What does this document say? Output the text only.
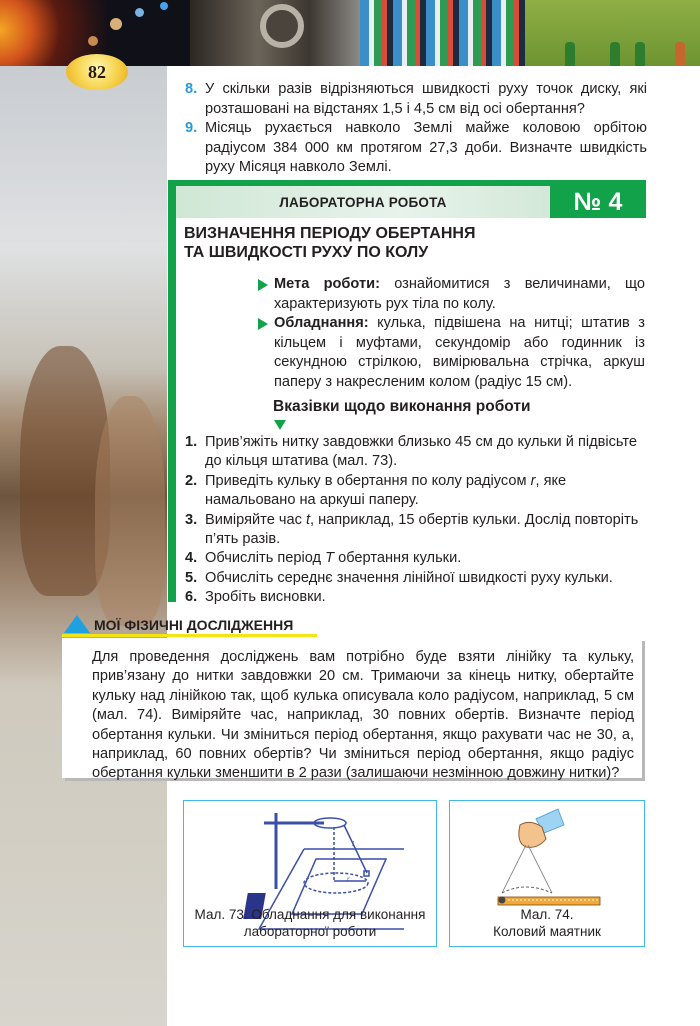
82
8. У скільки разів відрізняються швидкості руху точок диску, які розташовані на відстанях 1,5 і 4,5 см від осі обертання?
9. Місяць рухається навколо Землі майже коловою орбітою радіусом 384 000 км протягом 27,3 доби. Визначте швидкість руху Місяця навколо Землі.
ЛАБОРАТОРНА РОБОТА	№ 4
ВИЗНАЧЕННЯ ПЕРІОДУ ОБЕРТАННЯ
ТА ШВИДКОСТІ РУХУ ПО КОЛУ
Мета роботи: ознайомитися з величинами, що характеризують рух тіла по колу.
Обладнання: кулька, підвішена на нитці; штатив з кільцем і муфтами, секундомір або годинник із секундною стрілкою, вимірювальна стрічка, аркуш паперу з накресленим колом (радіус 15 см).
Вказівки щодо виконання роботи
1. Прив’яжіть нитку завдовжки близько 45 см до кульки й підвісьте до кільця штатива (мал. 73).
2. Приведіть кульку в обертання по колу радіусом r, яке намальовано на аркуші паперу.
3. Виміряйте час t, наприклад, 15 обертів кульки. Дослід повторіть п’ять разів.
4. Обчисліть період T обертання кульки.
5. Обчисліть середнє значення лінійної швидкості руху кульки.
6. Зробіть висновки.
МОЇ ФІЗИЧНІ ДОСЛІДЖЕННЯ
Для проведення досліджень вам потрібно буде взяти лінійку та кульку, прив’язану до нитки завдовжки 20 см. Тримаючи за кінець нитку, обертайте кульку над лінійкою так, щоб кулька описувала коло радіусом, наприклад, 5 см (мал. 74). Виміряйте час, наприклад, 30 повних обертів. Визначте період обертання кульки. Чи зміниться період обертання, якщо рахувати час не 30, а, наприклад, 60 повних обертів? Чи зміниться період обертання, якщо радіус обертання кульки зменшити в 2 рази (залишаючи незмінною довжину нитки)?
r
l
Мал. 73. Обладнання для виконання
лабораторної роботи
Мал. 74.
Коловий маятник
